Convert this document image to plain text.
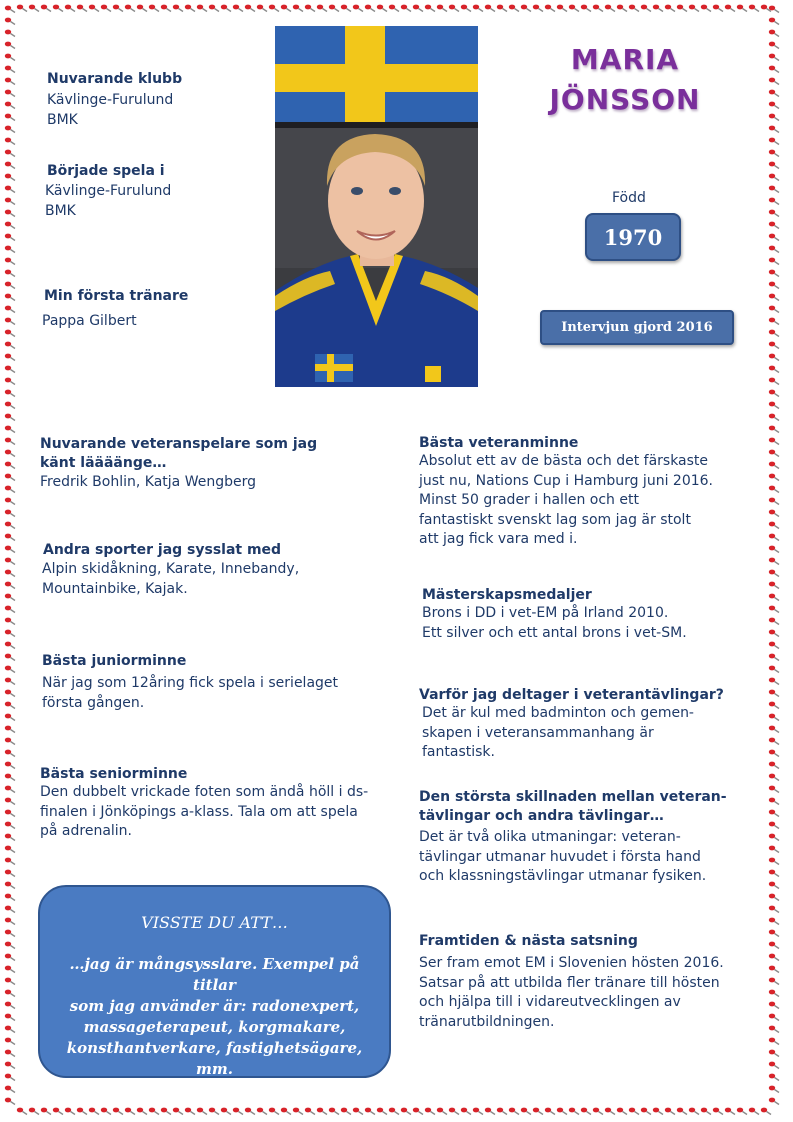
MARIA
JÖNSSON
Nuvarande klubb
Kävlinge-Furulund
BMK
Började spela i
Kävlinge-Furulund
BMK
Min första tränare
Pappa Gilbert
Född
1970
Intervjun gjord 2016
Nuvarande veteranspelare som jag
känt läääänge…
Fredrik Bohlin, Katja Wengberg
Andra sporter jag sysslat med
Alpin skidåkning, Karate, Innebandy,
Mountainbike, Kajak.
Bästa juniorminne
När jag som 12åring fick spela i serielaget
första gången.
Bästa seniorminne
Den dubbelt vrickade foten som ändå höll i ds-
finalen i Jönköpings a-klass. Tala om att spela
på adrenalin.
VISSTE DU ATT…
…jag är mångsysslare. Exempel på titlar
som jag använder är: radonexpert,
massageterapeut, korgmakare,
konsthantverkare, fastighetsägare, mm.
Bästa veteranminne
Absolut ett av de bästa och det färskaste
just nu, Nations Cup i Hamburg juni 2016.
Minst 50 grader i hallen och ett
fantastiskt svenskt lag som jag är stolt
att jag fick vara med i.
Mästerskapsmedaljer
Brons i DD i vet-EM på Irland 2010.
Ett silver och ett antal brons i vet-SM.
Varför jag deltager i veterantävlingar?
Det är kul med badminton och gemen-
skapen i veteransammanhang är
fantastisk.
Den största skillnaden mellan veteran-
tävlingar och andra tävlingar…
Det är två olika utmaningar: veteran-
tävlingar utmanar huvudet i första hand
och klassningstävlingar utmanar fysiken.
Framtiden & nästa satsning
Ser fram emot EM i Slovenien hösten 2016.
Satsar på att utbilda fler tränare till hösten
och hjälpa till i vidareutvecklingen av
tränarutbildningen.
